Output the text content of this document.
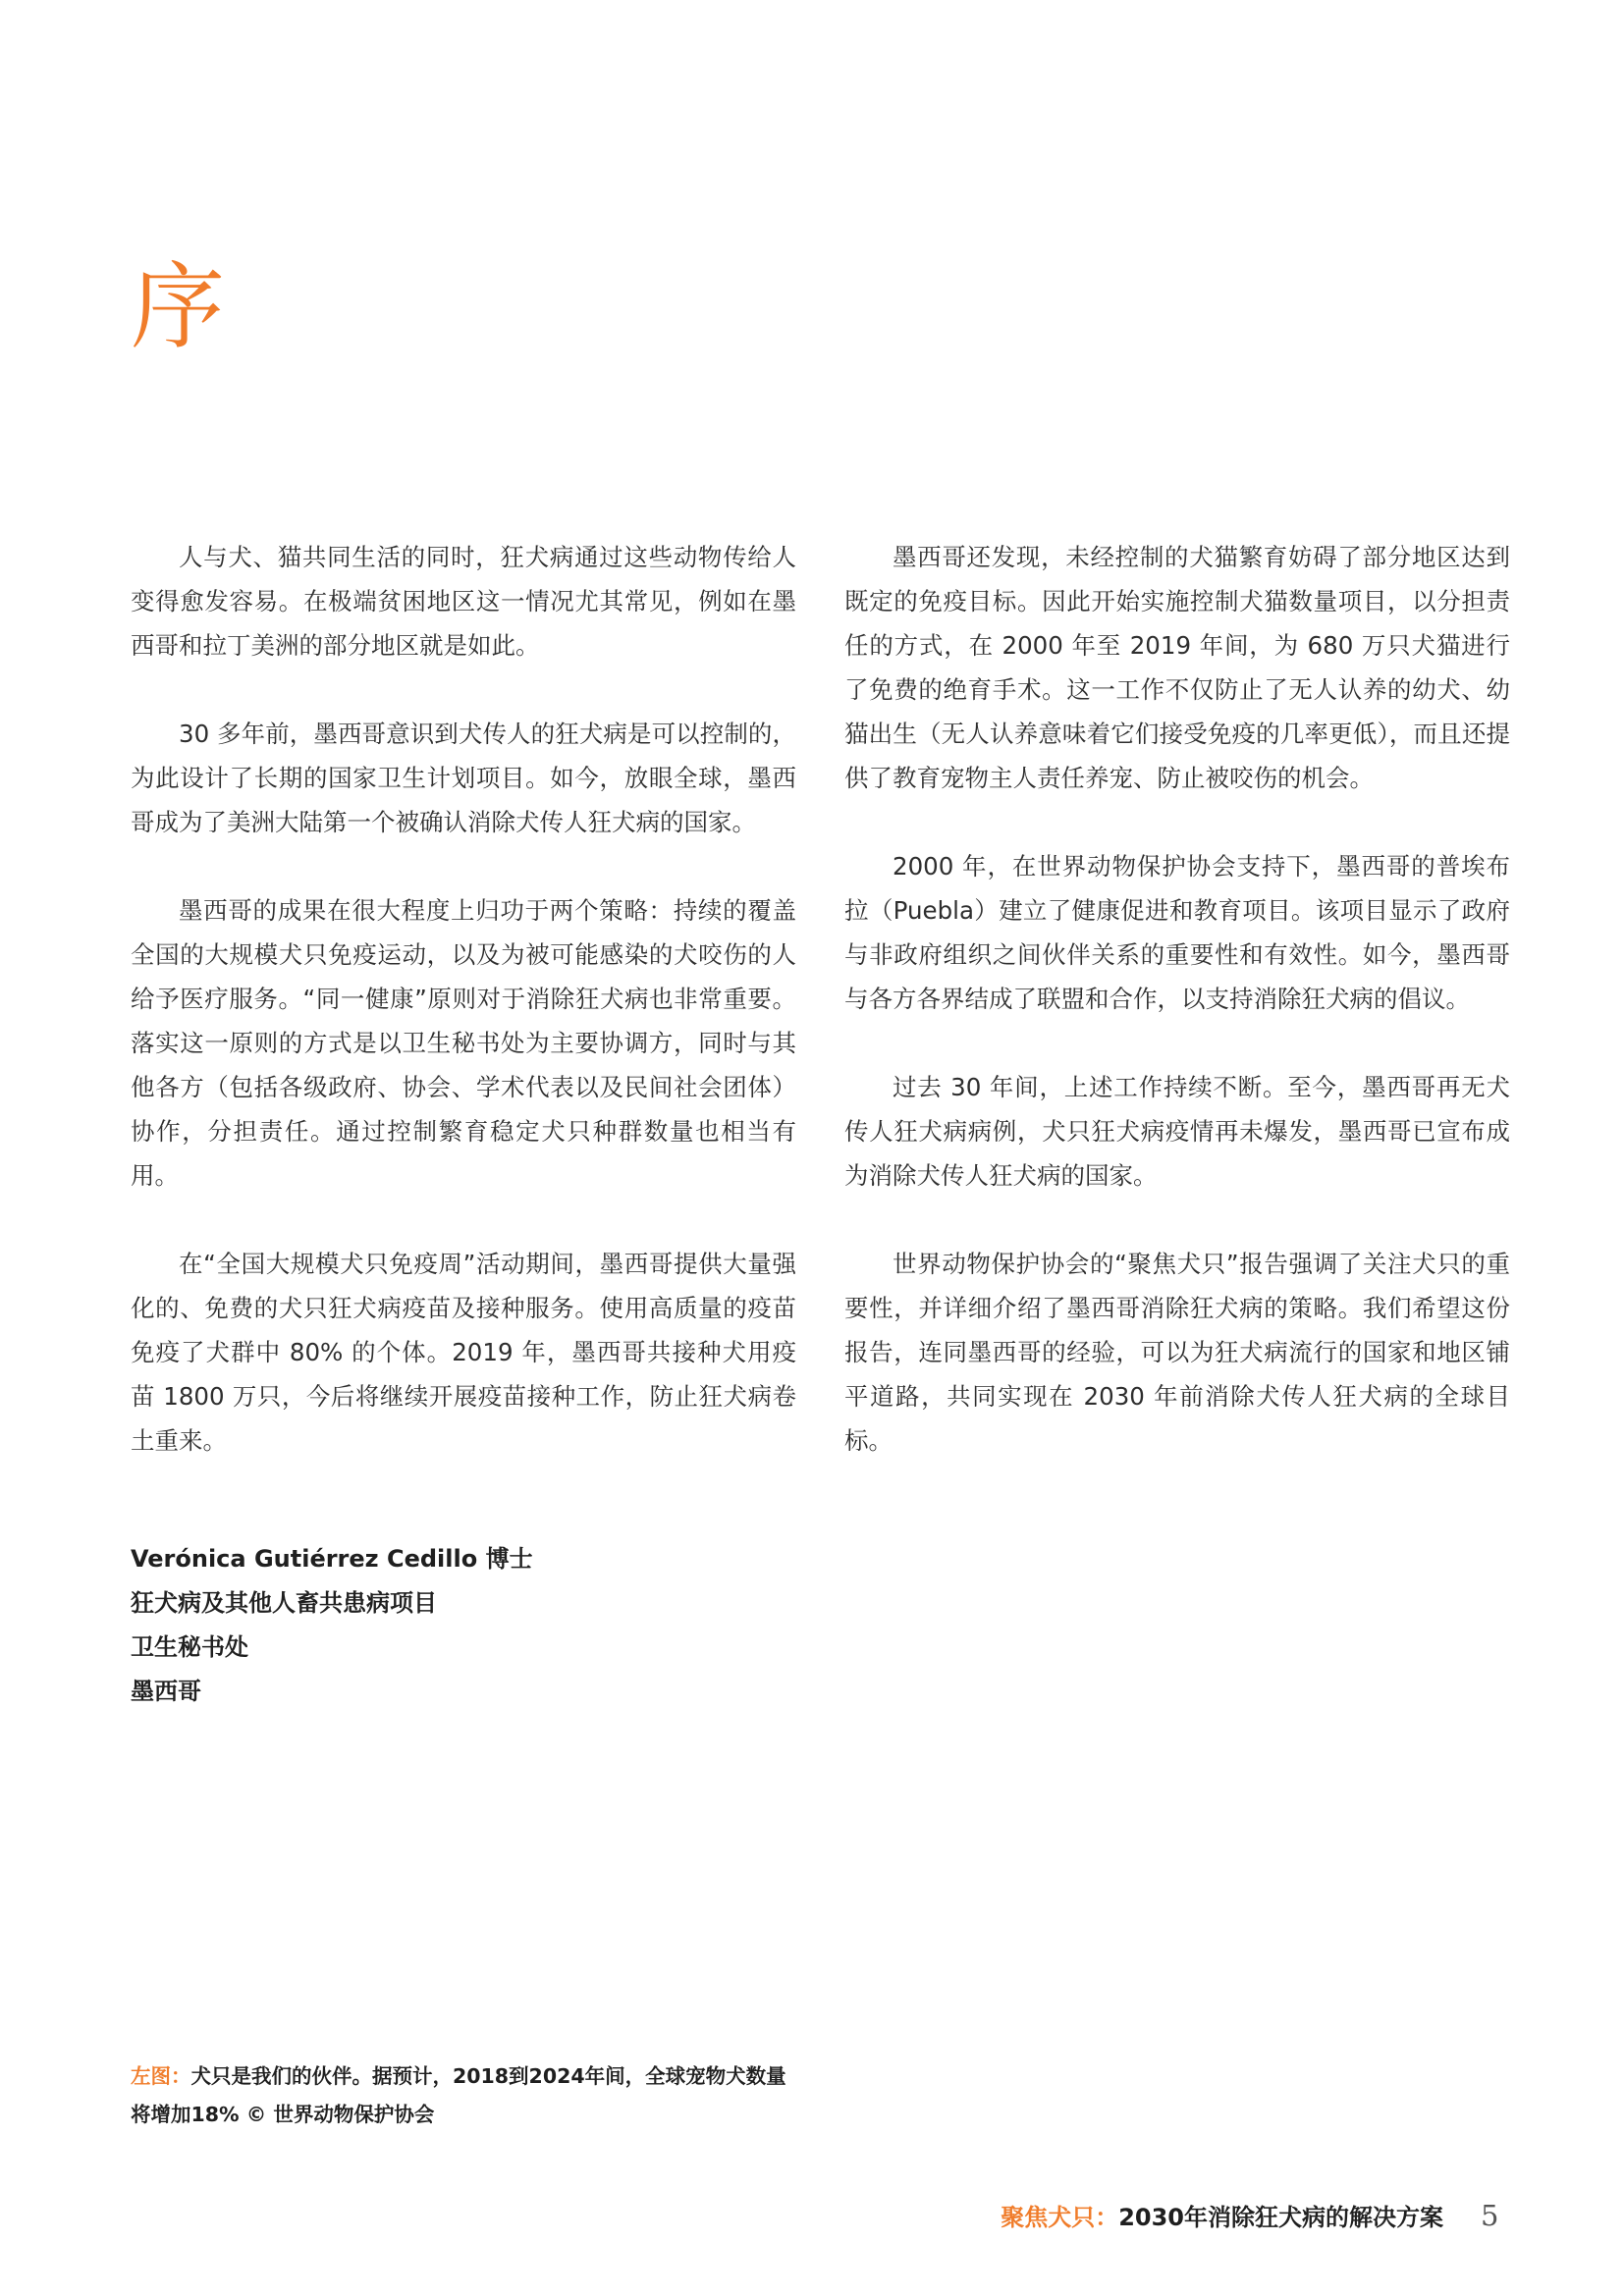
序

人与犬、猫共同生活的同时，狂犬病通过这些动物传给人变得愈发容易。在极端贫困地区这一情况尤其常见，例如在墨西哥和拉丁美洲的部分地区就是如此。

30 多年前，墨西哥意识到犬传人的狂犬病是可以控制的，为此设计了长期的国家卫生计划项目。如今，放眼全球，墨西哥成为了美洲大陆第一个被确认消除犬传人狂犬病的国家。

墨西哥的成果在很大程度上归功于两个策略：持续的覆盖全国的大规模犬只免疫运动，以及为被可能感染的犬咬伤的人给予医疗服务。“同一健康”原则对于消除狂犬病也非常重要。落实这一原则的方式是以卫生秘书处为主要协调方，同时与其他各方（包括各级政府、协会、学术代表以及民间社会团体）协作，分担责任。通过控制繁育稳定犬只种群数量也相当有用。

在“全国大规模犬只免疫周”活动期间，墨西哥提供大量强化的、免费的犬只狂犬病疫苗及接种服务。使用高质量的疫苗免疫了犬群中 80% 的个体。2019 年，墨西哥共接种犬用疫苗 1800 万只，今后将继续开展疫苗接种工作，防止狂犬病卷土重来。

墨西哥还发现，未经控制的犬猫繁育妨碍了部分地区达到既定的免疫目标。因此开始实施控制犬猫数量项目，以分担责任的方式，在 2000 年至 2019 年间，为 680 万只犬猫进行了免费的绝育手术。这一工作不仅防止了无人认养的幼犬、幼猫出生（无人认养意味着它们接受免疫的几率更低），而且还提供了教育宠物主人责任养宠、防止被咬伤的机会。

2000 年，在世界动物保护协会支持下，墨西哥的普埃布拉（Puebla）建立了健康促进和教育项目。该项目显示了政府与非政府组织之间伙伴关系的重要性和有效性。如今，墨西哥与各方各界结成了联盟和合作，以支持消除狂犬病的倡议。

过去 30 年间，上述工作持续不断。至今，墨西哥再无犬传人狂犬病病例，犬只狂犬病疫情再未爆发，墨西哥已宣布成为消除犬传人狂犬病的国家。

世界动物保护协会的“聚焦犬只”报告强调了关注犬只的重要性，并详细介绍了墨西哥消除狂犬病的策略。我们希望这份报告，连同墨西哥的经验，可以为狂犬病流行的国家和地区铺平道路，共同实现在 2030 年前消除犬传人狂犬病的全球目标。

Verónica Gutiérrez Cedillo 博士
狂犬病及其他人畜共患病项目
卫生秘书处
墨西哥
左图：犬只是我们的伙伴。据预计，2018到2024年间，全球宠物犬数量将增加18% © 世界动物保护协会
聚焦犬只：2030年消除狂犬病的解决方案 5
